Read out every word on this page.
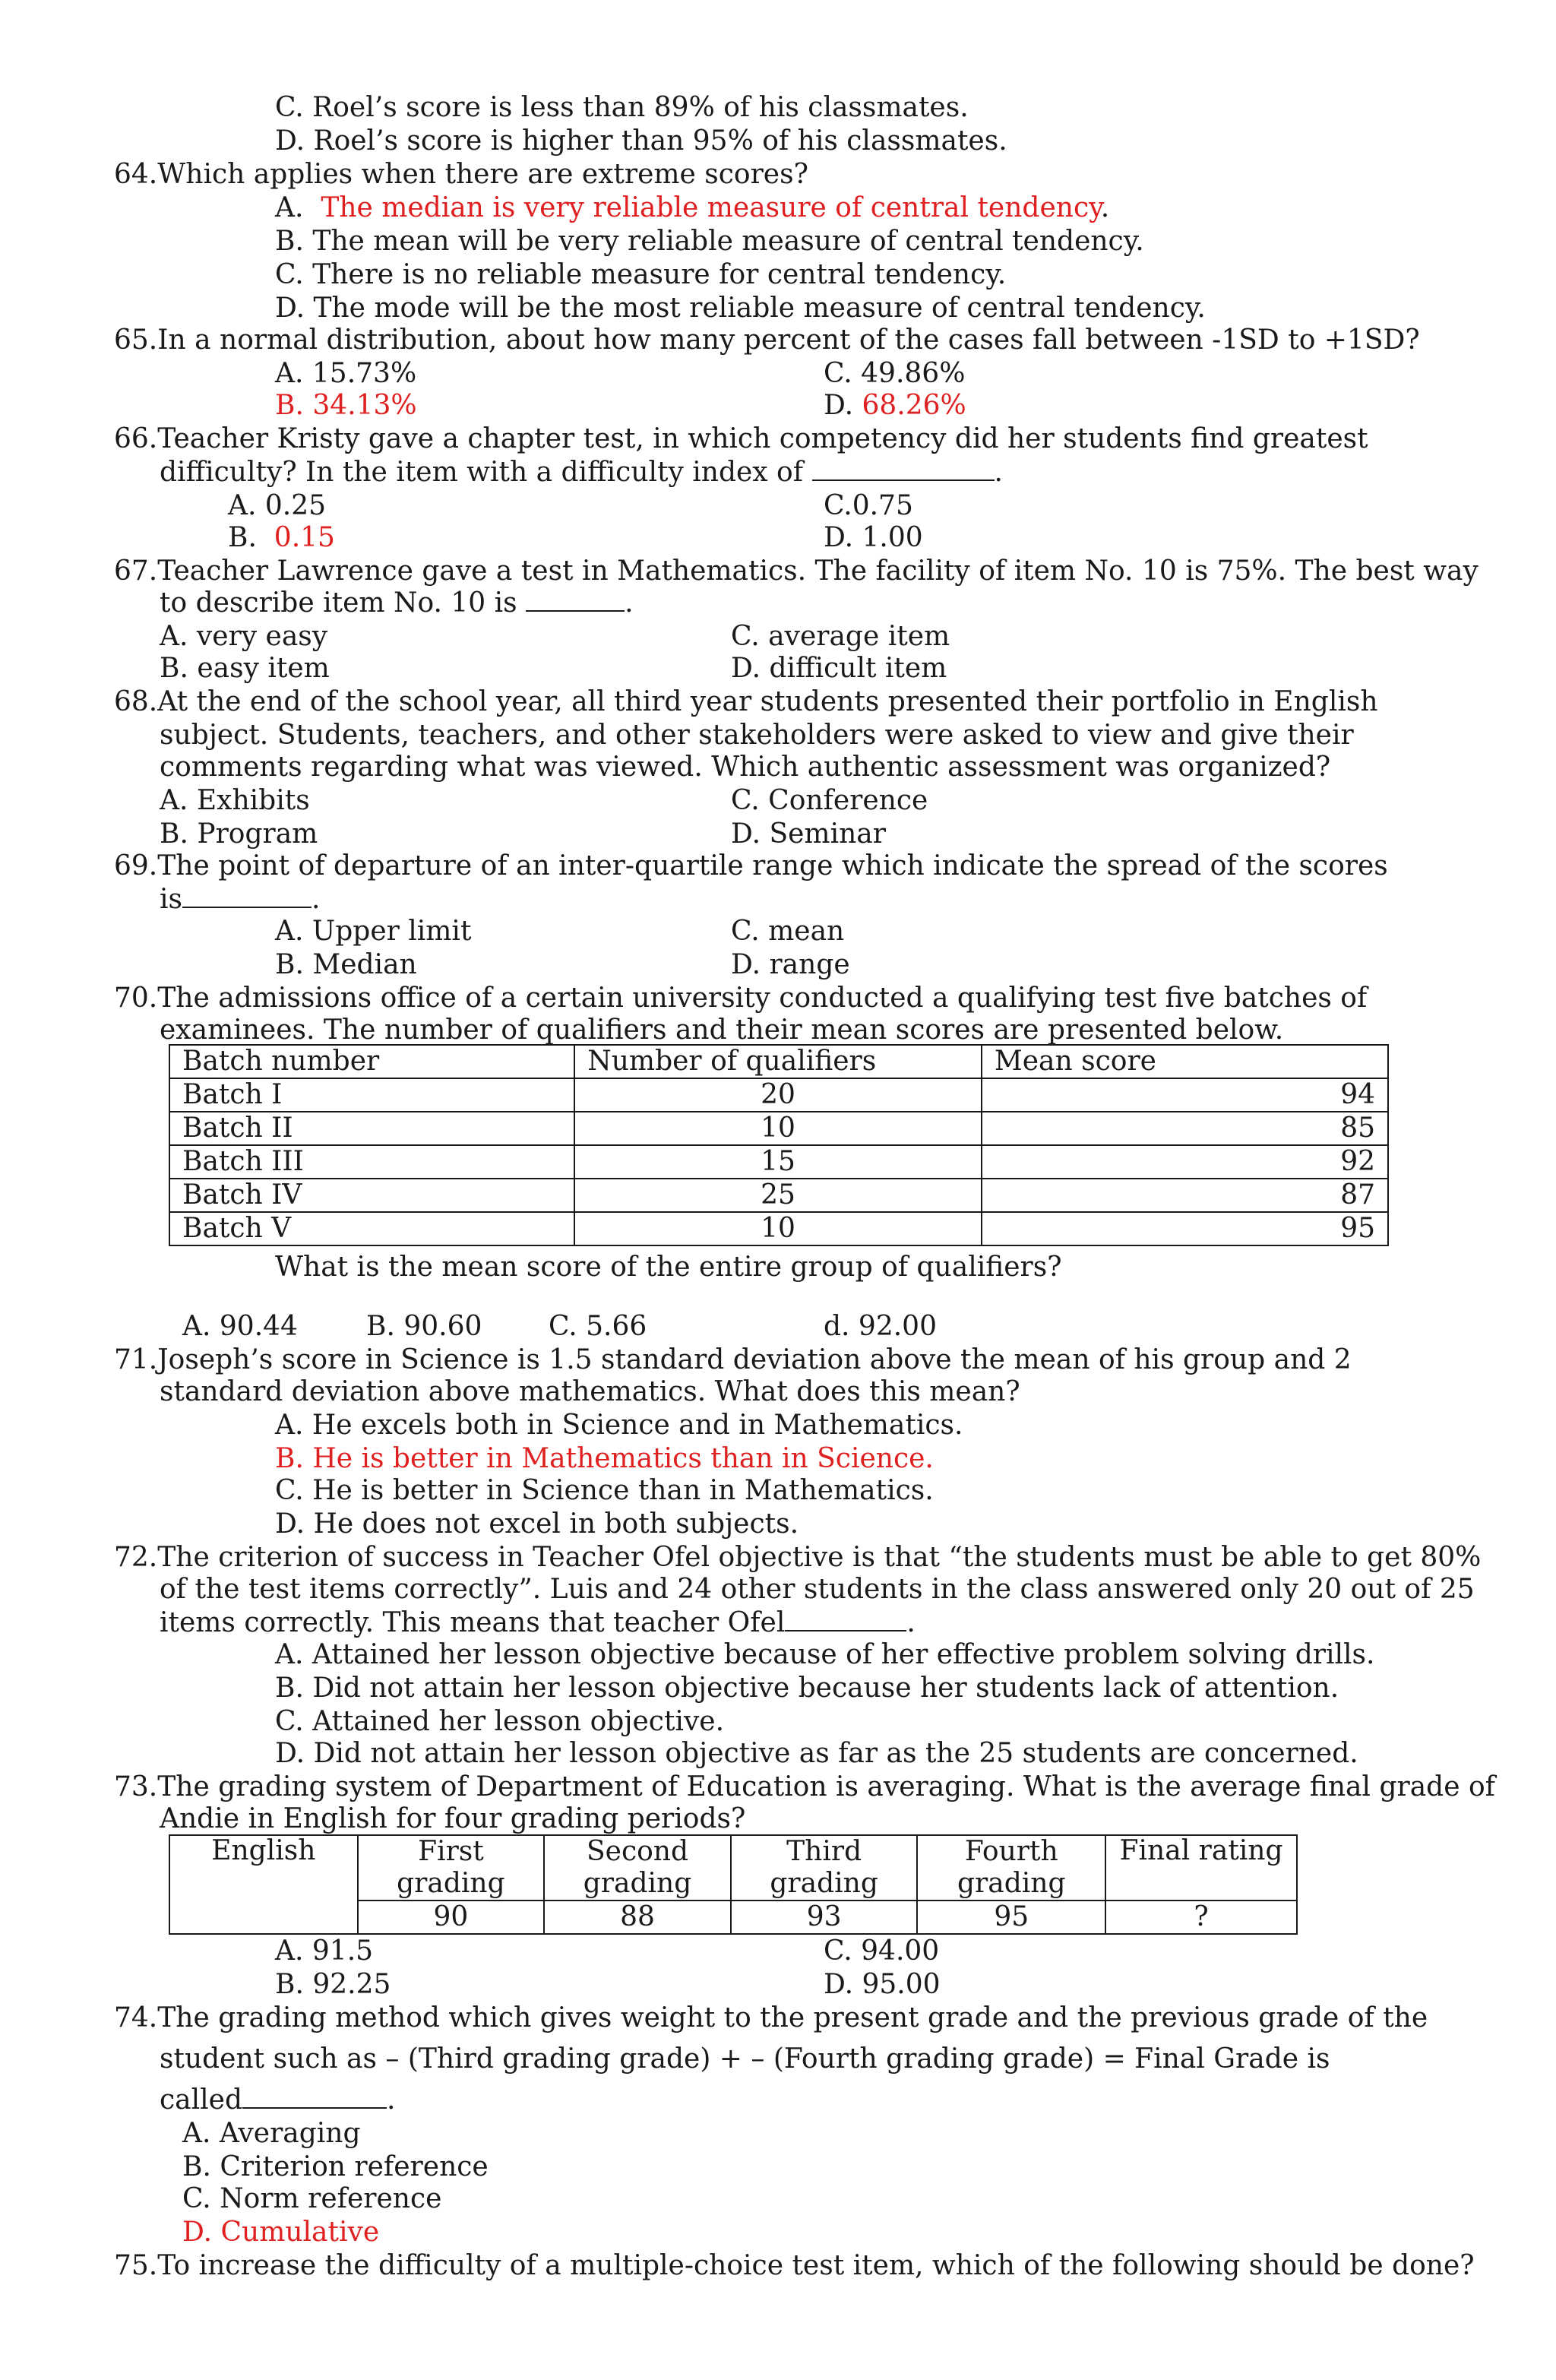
C. Roel’s score is less than 89% of his classmates.
D. Roel’s score is higher than 95% of his classmates.
64.Which applies when there are extreme scores?
A. The median is very reliable measure of central tendency.
B. The mean will be very reliable measure of central tendency.
C. There is no reliable measure for central tendency.
D. The mode will be the most reliable measure of central tendency.
65.In a normal distribution, about how many percent of the cases fall between -1SD to +1SD?
A. 15.73%	C. 49.86%
B. 34.13%	D. 68.26%
66.Teacher Kristy gave a chapter test, in which competency did her students find greatest
difficulty? In the item with a difficulty index of	.
A. 0.25	C.0.75
B. 0.15	D. 1.00
67.Teacher Lawrence gave a test in Mathematics. The facility of item No. 10 is 75%. The best way
to describe item No. 10 is	.
A. very easy	C. average item
B. easy item	D. difficult item
68.At the end of the school year, all third year students presented their portfolio in English
subject. Students, teachers, and other stakeholders were asked to view and give their
comments regarding what was viewed. Which authentic assessment was organized?
A. Exhibits	C. Conference
B. Program	D. Seminar
69.The point of departure of an inter-quartile range which indicate the spread of the scores
is	.
A. Upper limit	C. mean
B. Median	D. range
70.The admissions office of a certain university conducted a qualifying test five batches of
examinees. The number of qualifiers and their mean scores are presented below.
Batch number	Number of qualifiers	Mean score
Batch I	20	94
Batch II	10	85
Batch III	15	92
Batch IV	25	87
Batch V	10	95
What is the mean score of the entire group of qualifiers?
A. 90.44	B. 90.60 C. 5.66	d. 92.00
71.Joseph’s score in Science is 1.5 standard deviation above the mean of his group and 2
standard deviation above mathematics. What does this mean?
A. He excels both in Science and in Mathematics.
B. He is better in Mathematics than in Science.
C. He is better in Science than in Mathematics.
D. He does not excel in both subjects.
72.The criterion of success in Teacher Ofel objective is that “the students must be able to get 80%
of the test items correctly”. Luis and 24 other students in the class answered only 20 out of 25
items correctly. This means that teacher Ofel	.
A. Attained her lesson objective because of her effective problem solving drills.
B. Did not attain her lesson objective because her students lack of attention.
C. Attained her lesson objective.
D. Did not attain her lesson objective as far as the 25 students are concerned.
73.The grading system of Department of Education is averaging. What is the average final grade of
Andie in English for four grading periods?
English	First	Second	Third	Fourth	Final rating
	grading	grading	grading	grading	
	90	88	93	95	?
A. 91.5	C. 94.00
B. 92.25	D. 95.00
74.The grading method which gives weight to the present grade and the previous grade of the
student such as – (Third grading grade) + – (Fourth grading grade) = Final Grade is
called	.
A. Averaging
B. Criterion reference
C. Norm reference
D. Cumulative
75.To increase the difficulty of a multiple-choice test item, which of the following should be done?
